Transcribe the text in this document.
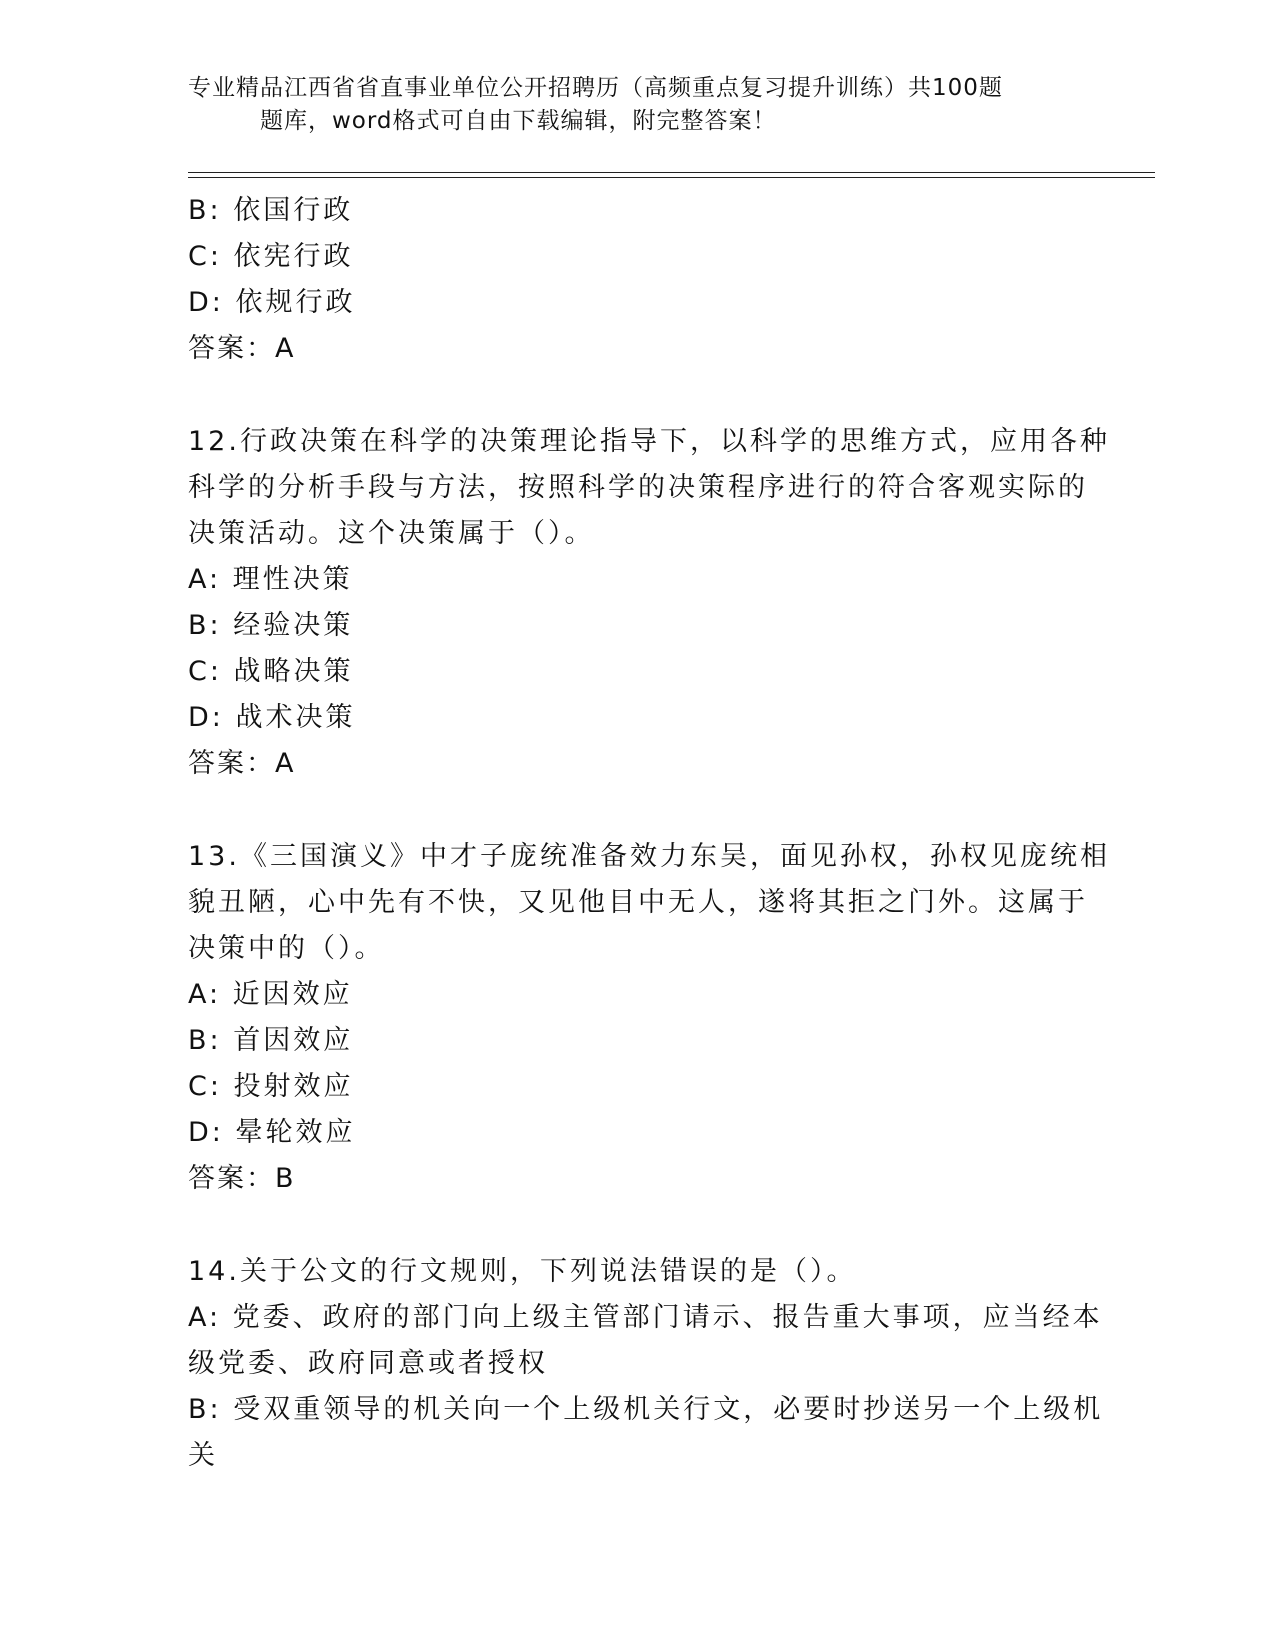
专业精品江西省省直事业单位公开招聘历（高频重点复习提升训练）共100题
题库，word格式可自由下载编辑，附完整答案！
B: 依国行政
C: 依宪行政
D: 依规行政
答案：A
12.行政决策在科学的决策理论指导下，以科学的思维方式，应用各种
科学的分析手段与方法，按照科学的决策程序进行的符合客观实际的
决策活动。这个决策属于（）。
A: 理性决策
B: 经验决策
C: 战略决策
D: 战术决策
答案：A
13.《三国演义》中才子庞统准备效力东吴，面见孙权，孙权见庞统相
貌丑陋，心中先有不快，又见他目中无人，遂将其拒之门外。这属于
决策中的（）。
A: 近因效应
B: 首因效应
C: 投射效应
D: 晕轮效应
答案：B
14.关于公文的行文规则，下列说法错误的是（）。
A: 党委、政府的部门向上级主管部门请示、报告重大事项，应当经本
级党委、政府同意或者授权
B: 受双重领导的机关向一个上级机关行文，必要时抄送另一个上级机
关
